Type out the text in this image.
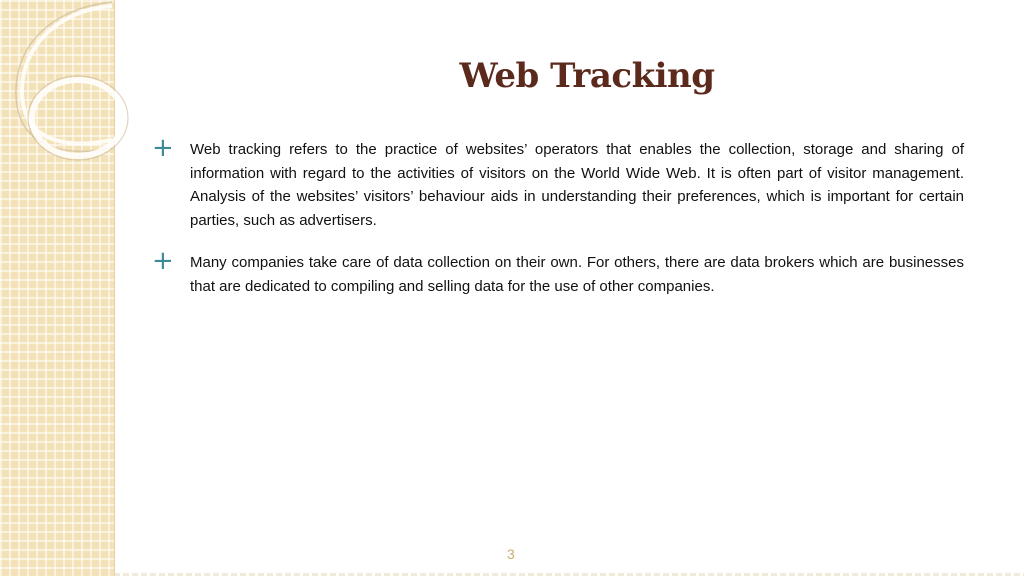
Web Tracking
+ Web tracking refers to the practice of websites’ operators that enables the collection, storage and sharing of information with regard to the activities of visitors on the World Wide Web. It is often part of visitor management. Analysis of the websites’ visitors’ behaviour aids in understanding their preferences, which is important for certain parties, such as advertisers.
+ Many companies take care of data collection on their own. For others, there are data brokers which are businesses that are dedicated to compiling and selling data for the use of other companies.
3
